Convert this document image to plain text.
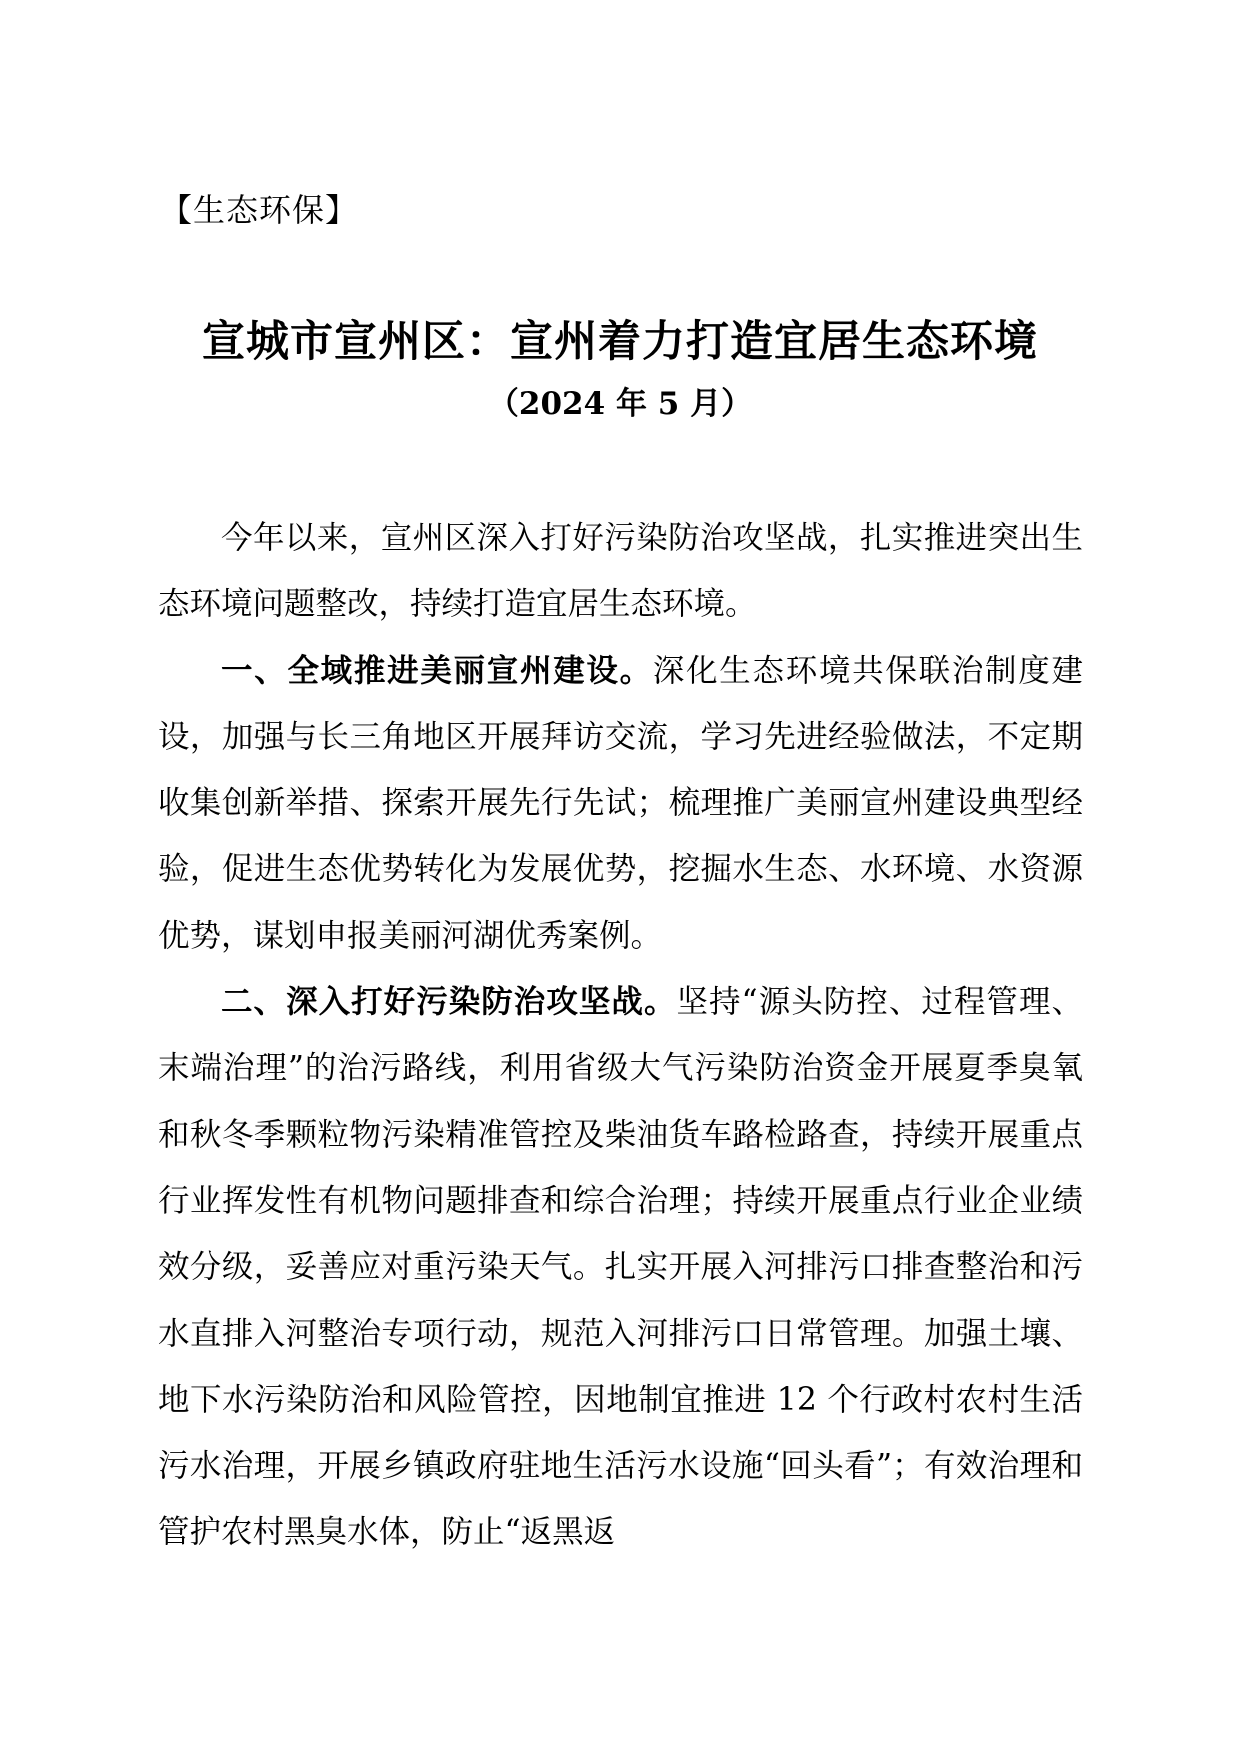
【生态环保】
宣城市宣州区：宣州着力打造宜居生态环境
（2024 年 5 月）

今年以来，宣州区深入打好污染防治攻坚战，扎实推进突出生态环境问题整改，持续打造宜居生态环境。

一、全域推进美丽宣州建设。深化生态环境共保联治制度建设，加强与长三角地区开展拜访交流，学习先进经验做法，不定期收集创新举措、探索开展先行先试；梳理推广美丽宣州建设典型经验，促进生态优势转化为发展优势，挖掘水生态、水环境、水资源优势，谋划申报美丽河湖优秀案例。

二、深入打好污染防治攻坚战。坚持“源头防控、过程管理、末端治理”的治污路线，利用省级大气污染防治资金开展夏季臭氧和秋冬季颗粒物污染精准管控及柴油货车路检路查，持续开展重点行业挥发性有机物问题排查和综合治理；持续开展重点行业企业绩效分级，妥善应对重污染天气。扎实开展入河排污口排查整治和污水直排入河整治专项行动，规范入河排污口日常管理。加强土壤、地下水污染防治和风险管控，因地制宜推进 12 个行政村农村生活污水治理，开展乡镇政府驻地生活污水设施“回头看”；有效治理和管护农村黑臭水体，防止“返黑返
